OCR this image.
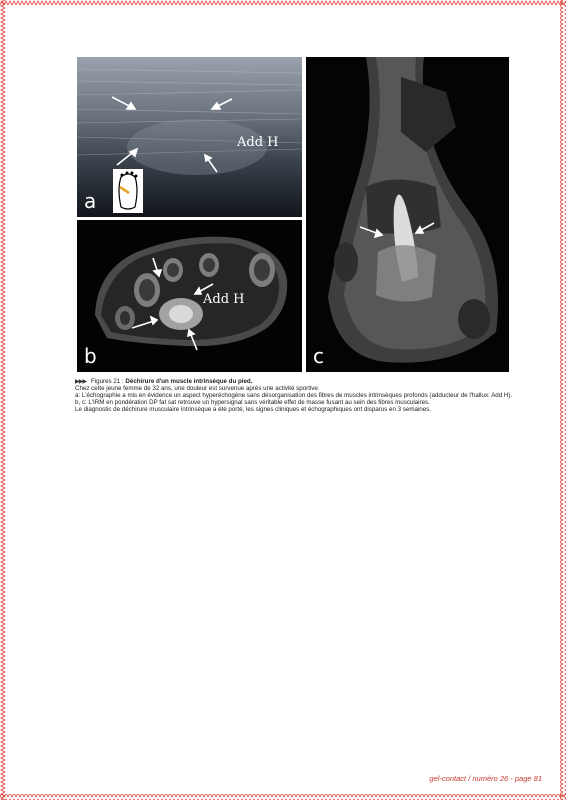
Add H
a
Add H
b	c

▶▶▶ Figures 21 : Déchirure d'un muscle intrinsèque du pied.

Chez cette jeune femme de 32 ans, une douleur est survenue après une activité sportive.

a: L'échographie a mis en évidence un aspect hyperéchogène sans désorganisation des fibres de muscles intrinsèques profonds (adducteur de l'hallux: Add H).

b, c: L'IRM en pondération DP fat sat retrouve un hypersignal sans véritable effet de masse fusant au sein des fibres musculaires.

Le diagnostic de déchirure musculaire intrinsèque a été porté, les signes cliniques et échographiques ont disparus en 3 semaines.

gel-contact / numéro 26 - page 81
